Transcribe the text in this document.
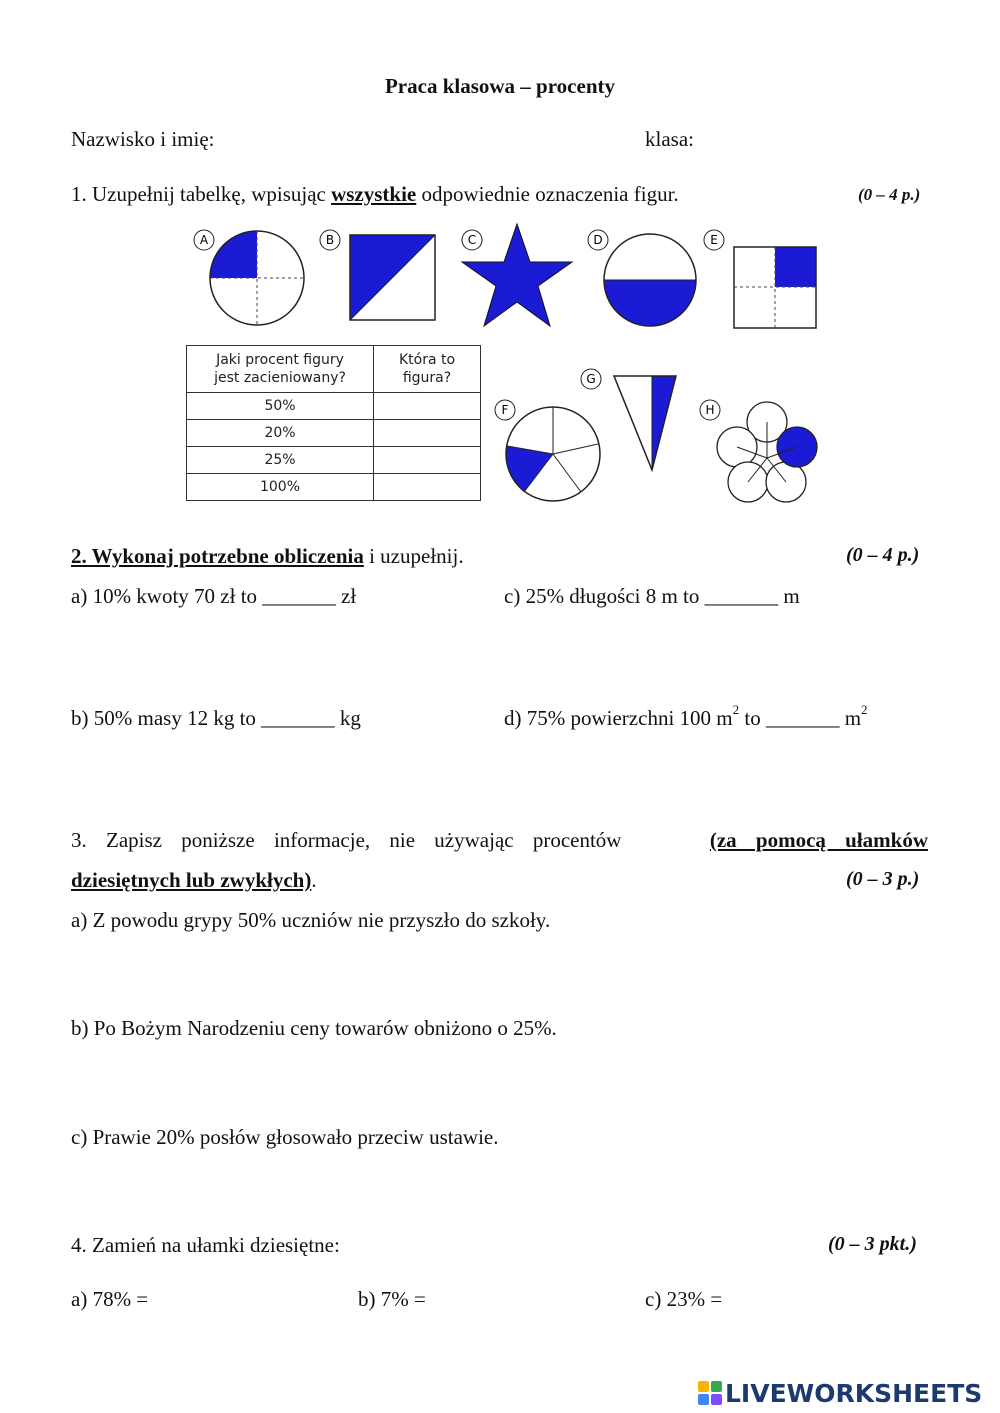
Praca klasowa – procenty
Nazwisko i imię:	klasa:
1. Uzupełnij tabelkę, wpisując wszystkie odpowiednie oznaczenia figur.	(0 – 4 p.)
A	B	C	D	E
F
G
H
Jaki procent figury
jest zacieniowany?	Która to
figura?
50%	
20%	
25%	
100%	
2. Wykonaj potrzebne obliczenia i uzupełnij.	(0 – 4 p.)
a) 10% kwoty 70 zł to _______ zł	c) 25% długości 8 m to _______ m
b) 50% masy 12 kg to _______ kg	d) 75% powierzchni 100 $m^2$ to _______ $m^2$
3. Zapisz poniższe informacje, nie używając procentów	(za pomocą ułamków
dziesiętnych lub zwykłych).	(0 – 3 p.)
a) Z powodu grypy 50% uczniów nie przyszło do szkoły.
b) Po Bożym Narodzeniu ceny towarów obniżono o 25%.
c) Prawie 20% posłów głosowało przeciw ustawie.
4. Zamień na ułamki dziesiętne:	(0 – 3 pkt.)
a) 78% =	b) 7% =	c) 23% =
LIVEWORKSHEETS
